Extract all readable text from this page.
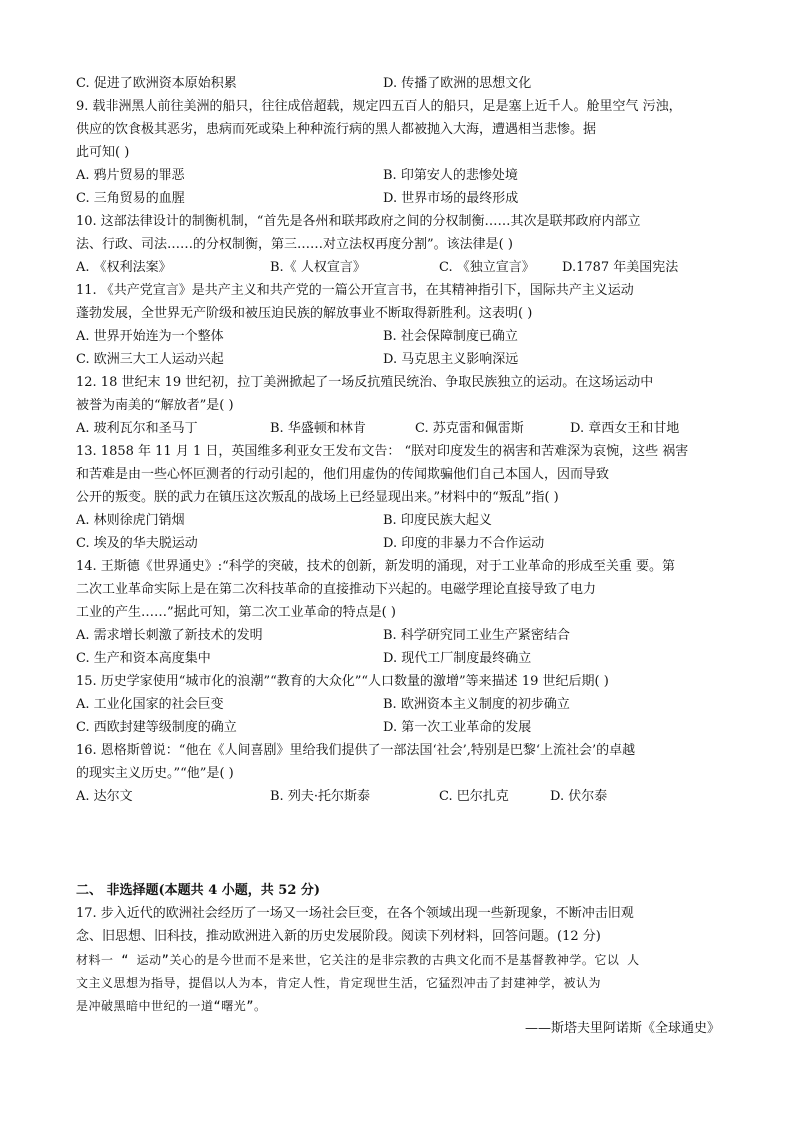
C. 促进了欧洲资本原始积累	D. 传播了欧洲的思想文化
9. 载非洲黑人前往美洲的船只，往往成倍超载，规定四五百人的船只，足是塞上近千人。舱里空气 污浊，
供应的饮食极其恶劣，患病而死或染上种种流行病的黑人都被抛入大海，遭遇相当悲惨。据
此可知( )
A. 鸦片贸易的罪恶	B. 印第安人的悲惨处境
C. 三角贸易的血腥	D. 世界市场的最终形成
10. 这部法律设计的制衡机制，“首先是各州和联邦政府之间的分权制衡……其次是联邦政府内部立
法、行政、司法……的分权制衡，第三……对立法权再度分割”。该法律是( )
A. 《权利法案》	B.《 人权宣言》	C. 《独立宣言》 D.1787 年美国宪法
11. 《共产党宣言》是共产主义和共产党的一篇公开宣言书，在其精神指引下，国际共产主义运动
蓬勃发展，全世界无产阶级和被压迫民族的解放事业不断取得新胜利。这表明( )
A. 世界开始连为一个整体	B. 社会保障制度已确立
C. 欧洲三大工人运动兴起	D. 马克思主义影响深远
12. 18 世纪末 19 世纪初，拉丁美洲掀起了一场反抗殖民统治、争取民族独立的运动。在这场运动中
被誉为南美的“解放者”是( )
A. 玻利瓦尔和圣马丁	B. 华盛顿和林肯	C. 苏克雷和佩雷斯	D. 章西女王和甘地
13. 1858 年 11 月 1 日，英国维多利亚女王发布文告： “朕对印度发生的祸害和苦难深为哀惋，这些 祸害
和苦难是由一些心怀叵测者的行动引起的，他们用虚伪的传闻欺骗他们自己本国人，因而导致
公开的叛变。朕的武力在镇压这次叛乱的战场上已经显现出来。”材料中的“叛乱”指( )
A. 林则徐虎门销烟	B. 印度民族大起义
C. 埃及的华夫脱运动	D. 印度的非暴力不合作运动
14. 王斯德《世界通史》:“科学的突破，技术的创新，新发明的涌现，对于工业革命的形成至关重 要。第
二次工业革命实际上是在第二次科技革命的直接推动下兴起的。电磁学理论直接导致了电力
工业的产生……”据此可知，第二次工业革命的特点是( )
A. 需求增长刺激了新技术的发明	B. 科学研究同工业生产紧密结合
C. 生产和资本高度集中	D. 现代工厂制度最终确立
15. 历史学家使用“城市化的浪潮”“教育的大众化”“人口数量的激增”等来描述 19 世纪后期( )
A. 工业化国家的社会巨变	B. 欧洲资本主义制度的初步确立
C. 西欧封建等级制度的确立	D. 第一次工业革命的发展
16. 恩格斯曾说：“他在《人间喜剧》里给我们提供了一部法国‘社会’,特别是巴黎‘上流社会’的卓越
的现实主义历史。”“他”是( )
A. 达尔文	B. 列夫·托尔斯泰	C. 巴尔扎克	D. 伏尔泰
二、 非选择题(本题共 4 小题，共 52 分)
17. 步入近代的欧洲社会经历了一场又一场社会巨变，在各个领域出现一些新现象，不断冲击旧观
念、旧思想、旧科技，推动欧洲进入新的历史发展阶段。阅读下列材料，回答问题。(12 分)
材料一 “ 运动”关心的是今世而不是来世，它关注的是非宗教的古典文化而不是基督教神学。它以 人
文主义思想为指导，提倡以人为本，肯定人性，肯定现世生活，它猛烈冲击了封建神学，被认为
是冲破黑暗中世纪的一道“曙光”。
——斯塔夫里阿诺斯《全球通史》
